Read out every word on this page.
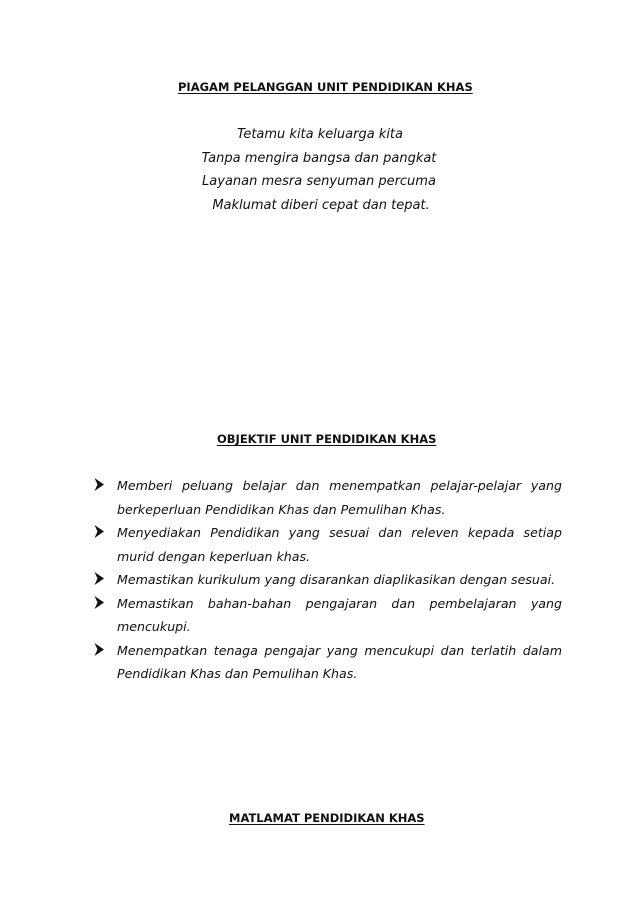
PIAGAM PELANGGAN UNIT PENDIDIKAN KHAS
Tetamu kita keluarga kita
Tanpa mengira bangsa dan pangkat
Layanan mesra senyuman percuma
Maklumat diberi cepat dan tepat.
OBJEKTIF UNIT PENDIDIKAN KHAS
Memberi peluang belajar dan menempatkan pelajar-pelajar yang
berkeperluan Pendidikan Khas dan Pemulihan Khas.
Menyediakan Pendidikan yang sesuai dan releven kepada setiap
murid dengan keperluan khas.
Memastikan kurikulum yang disarankan diaplikasikan dengan sesuai.
Memastikan bahan-bahan pengajaran dan pembelajaran yang
mencukupi.
Menempatkan tenaga pengajar yang mencukupi dan terlatih dalam
Pendidikan Khas dan Pemulihan Khas.
MATLAMAT PENDIDIKAN KHAS
